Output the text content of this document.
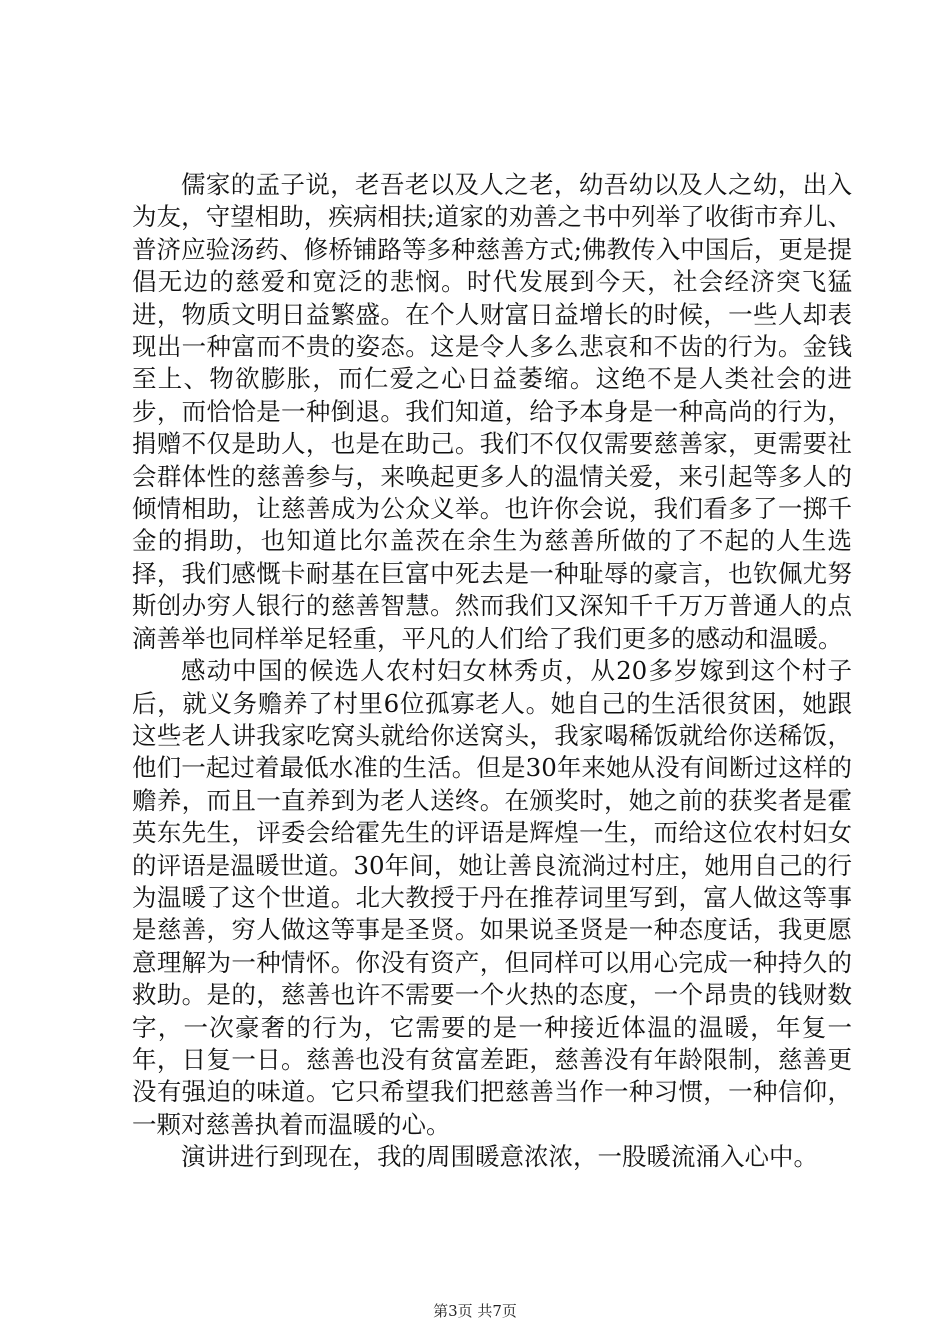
儒家的孟子说，老吾老以及人之老，幼吾幼以及人之幼，出入为友，守望相助，疾病相扶;道家的劝善之书中列举了收街市弃儿、普济应验汤药、修桥铺路等多种慈善方式;佛教传入中国后，更是提倡无边的慈爱和宽泛的悲悯。时代发展到今天，社会经济突飞猛进，物质文明日益繁盛。在个人财富日益增长的时候，一些人却表现出一种富而不贵的姿态。这是令人多么悲哀和不齿的行为。金钱至上、物欲膨胀，而仁爱之心日益萎缩。这绝不是人类社会的进步，而恰恰是一种倒退。我们知道，给予本身是一种高尚的行为，捐赠不仅是助人，也是在助己。我们不仅仅需要慈善家，更需要社会群体性的慈善参与，来唤起更多人的温情关爱，来引起等多人的倾情相助，让慈善成为公众义举。也许你会说，我们看多了一掷千金的捐助，也知道比尔盖茨在余生为慈善所做的了不起的人生选择，我们感慨卡耐基在巨富中死去是一种耻辱的豪言，也钦佩尤努斯创办穷人银行的慈善智慧。然而我们又深知千千万万普通人的点滴善举也同样举足轻重，平凡的人们给了我们更多的感动和温暖。

感动中国的候选人农村妇女林秀贞，从20多岁嫁到这个村子后，就义务赡养了村里6位孤寡老人。她自己的生活很贫困，她跟这些老人讲我家吃窝头就给你送窝头，我家喝稀饭就给你送稀饭，他们一起过着最低水准的生活。但是30年来她从没有间断过这样的赡养，而且一直养到为老人送终。在颁奖时，她之前的获奖者是霍英东先生，评委会给霍先生的评语是辉煌一生，而给这位农村妇女的评语是温暖世道。30年间，她让善良流淌过村庄，她用自己的行为温暖了这个世道。北大教授于丹在推荐词里写到，富人做这等事是慈善，穷人做这等事是圣贤。如果说圣贤是一种态度话，我更愿意理解为一种情怀。你没有资产，但同样可以用心完成一种持久的救助。是的，慈善也许不需要一个火热的态度，一个昂贵的钱财数字，一次豪奢的行为，它需要的是一种接近体温的温暖，年复一年，日复一日。慈善也没有贫富差距，慈善没有年龄限制，慈善更没有强迫的味道。它只希望我们把慈善当作一种习惯，一种信仰，一颗对慈善执着而温暖的心。

演讲进行到现在，我的周围暖意浓浓，一股暖流涌入心中。

第3页 共7页
